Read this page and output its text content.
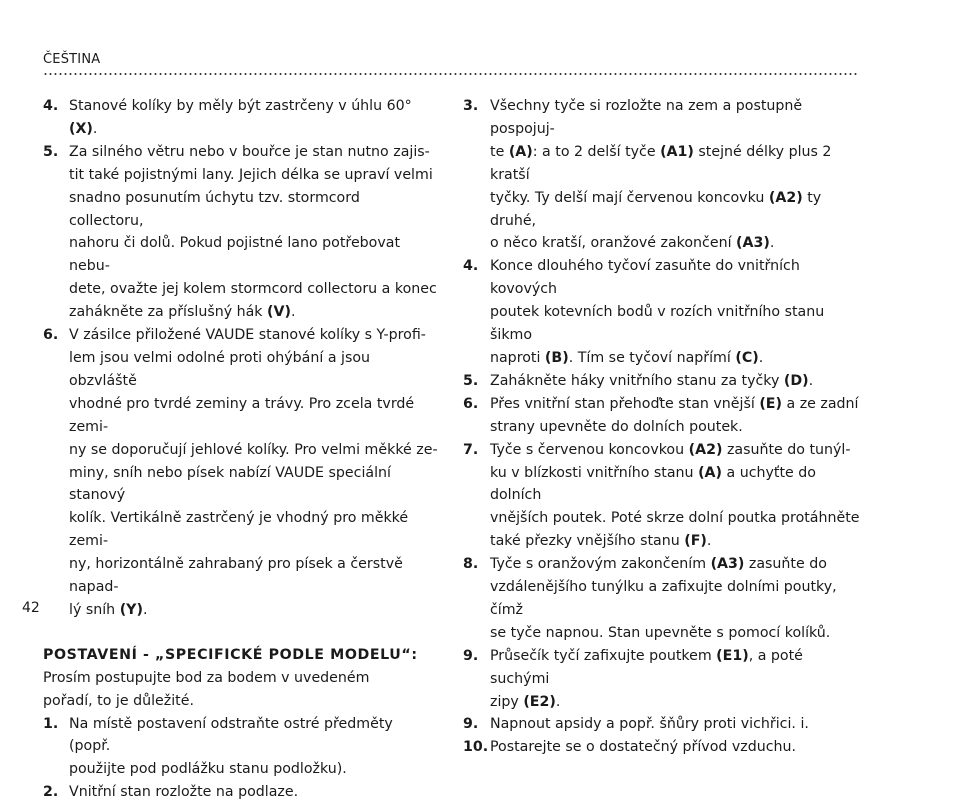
ČEŠTINA
4. Stanové kolíky by měly být zastrčeny v úhlu 60° (X).
5. Za silného větru nebo v bouřce je stan nutno zajis-
tit také pojistnými lany. Jejich délka se upraví velmi
snadno posunutím úchytu tzv. stormcord collectoru,
nahoru či dolů. Pokud pojistné lano potřebovat nebu-
dete, ovažte jej kolem stormcord collectoru a konec
zahákněte za příslušný hák (V).
6. V zásilce přiložené VAUDE stanové kolíky s Y-profi-
lem jsou velmi odolné proti ohýbání a jsou obzvláště
vhodné pro tvrdé zeminy a trávy. Pro zcela tvrdé zemi-
ny se doporučují jehlové kolíky. Pro velmi měkké ze-
miny, sníh nebo písek nabízí VAUDE speciální stanový
kolík. Vertikálně zastrčený je vhodný pro měkké zemi-
ny, horizontálně zahrabaný pro písek a čerstvě napad-
lý sníh (Y).
POSTAVENÍ - „SPECIFICKÉ PODLE MODELU“:
Prosím postupujte bod za bodem v uvedeném
pořadí, to je důležité.
1. Na místě postavení odstraňte ostré předměty (popř.
použijte pod podlážku stanu podložku).
2. Vnitřní stan rozložte na podlaze.
3. Všechny tyče si rozložte na zem a postupně pospojuj-
te (A): a to 2 delší tyče (A1) stejné délky plus 2 kratší
tyčky. Ty delší mají červenou koncovku (A2) ty druhé,
o něco kratší, oranžové zakončení (A3).
4. Konce dlouhého tyčoví zasuňte do vnitřních kovových
poutek kotevních bodů v rozích vnitřního stanu šikmo
naproti (B). Tím se tyčoví napřímí (C).
5. Zahákněte háky vnitřního stanu za tyčky (D).
6. Přes vnitřní stan přehoďte stan vnější (E) a ze zadní
strany upevněte do dolních poutek.
7. Tyče s červenou koncovkou (A2) zasuňte do tunýl-
ku v blízkosti vnitřního stanu (A) a uchyťte do dolních
vnějších poutek. Poté skrze dolní poutka protáhněte
také přezky vnějšího stanu (F).
8. Tyče s oranžovým zakončením (A3) zasuňte do
vzdálenějšího tunýlku a zafixujte dolními poutky, čímž
se tyče napnou. Stan upevněte s pomocí kolíků.
9. Průsečík tyčí zafixujte poutkem (E1), a poté suchými
zipy (E2).
9. Napnout apsidy a popř. šňůry proti vichřici. i.
10. Postarejte se o dostatečný přívod vzduchu.
42
